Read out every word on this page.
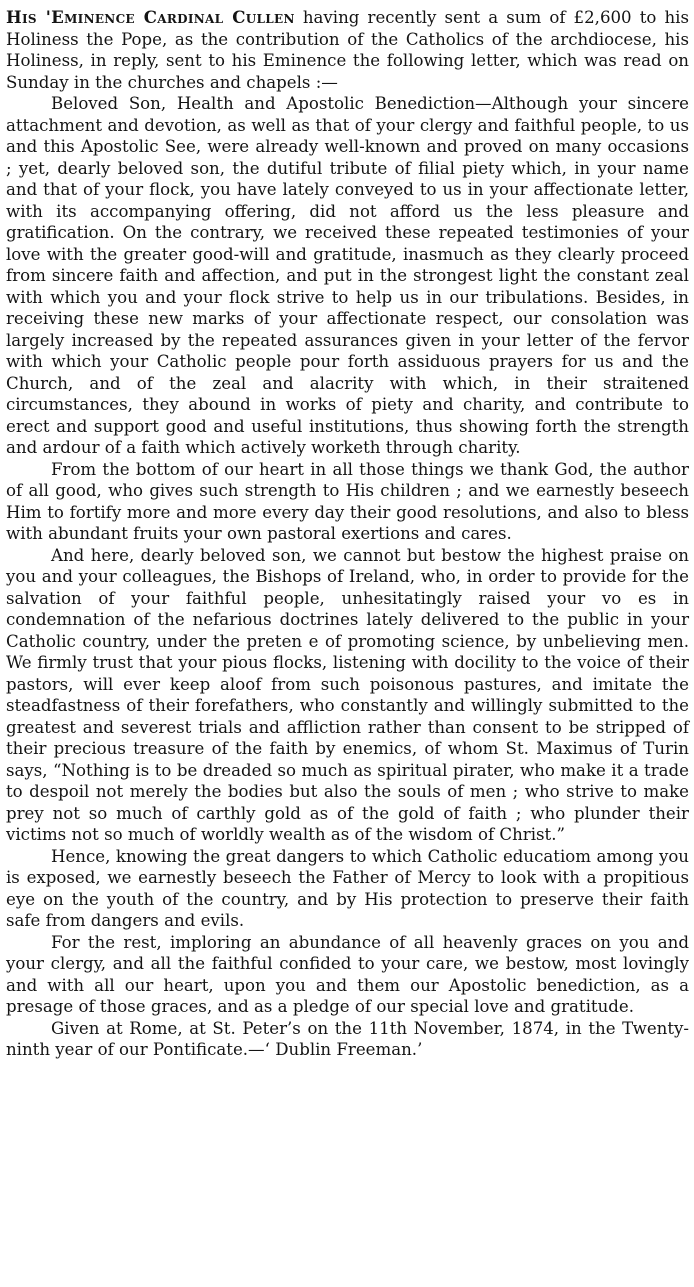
His 'Eminence Cardinal Cullen having recently sent a sum of £2,600 to his Holiness the Pope, as the contribution of the Catholics of the archdiocese, his Holiness, in reply, sent to his Eminence the following letter, which was read on Sunday in the churches and chapels :—

Beloved Son, Health and Apostolic Benediction—Although your sincere attachment and devotion, as well as that of your clergy and faithful people, to us and this Apostolic See, were already well-known and proved on many occasions ; yet, dearly beloved son, the dutiful tribute of filial piety which, in your name and that of your flock, you have lately conveyed to us in your affectionate letter, with its accompanying offering, did not afford us the less pleasure and gratification. On the contrary, we received these repeated testimonies of your love with the greater good-will and gratitude, inasmuch as they clearly proceed from sincere faith and affection, and put in the strongest light the constant zeal with which you and your flock strive to help us in our tribulations. Besides, in receiving these new marks of your affectionate respect, our consolation was largely increased by the repeated assurances given in your letter of the fervor with which your Catholic people pour forth assiduous prayers for us and the Church, and of the zeal and alacrity with which, in their straitened circumstances, they abound in works of piety and charity, and contribute to erect and support good and useful institutions, thus showing forth the strength and ardour of a faith which actively worketh through charity.

From the bottom of our heart in all those things we thank God, the author of all good, who gives such strength to His children ; and we earnestly beseech Him to fortify more and more every day their good resolutions, and also to bless with abundant fruits your own pastoral exertions and cares.

And here, dearly beloved son, we cannot but bestow the highest praise on you and your colleagues, the Bishops of Ireland, who, in order to provide for the salvation of your faithful people, unhesitatingly raised your vo es in condemnation of the nefarious doctrines lately delivered to the public in your Catholic country, under the preten e of promoting science, by unbelieving men. We firmly trust that your pious flocks, listening with docility to the voice of their pastors, will ever keep aloof from such poisonous pastures, and imitate the steadfastness of their forefathers, who constantly and willingly submitted to the greatest and severest trials and affliction rather than consent to be stripped of their precious treasure of the faith by enemics, of whom St. Maximus of Turin says, “Nothing is to be dreaded so much as spiritual pirater, who make it a trade to despoil not merely the bodies but also the souls of men ; who strive to make prey not so much of carthly gold as of the gold of faith ; who plunder their victims not so much of worldly wealth as of the wisdom of Christ.”

Hence, knowing the great dangers to which Catholic educatiom among you is exposed, we earnestly beseech the Father of Mercy to look with a propitious eye on the youth of the country, and by His protection to preserve their faith safe from dangers and evils.

For the rest, imploring an abundance of all heavenly graces on you and your clergy, and all the faithful confided to your care, we bestow, most lovingly and with all our heart, upon you and them our Apostolic benediction, as a presage of those graces, and as a pledge of our special love and gratitude.

Given at Rome, at St. Peter’s on the 11th November, 1874, in the Twenty-ninth year of our Pontificate.—‘ Dublin Freeman.’
